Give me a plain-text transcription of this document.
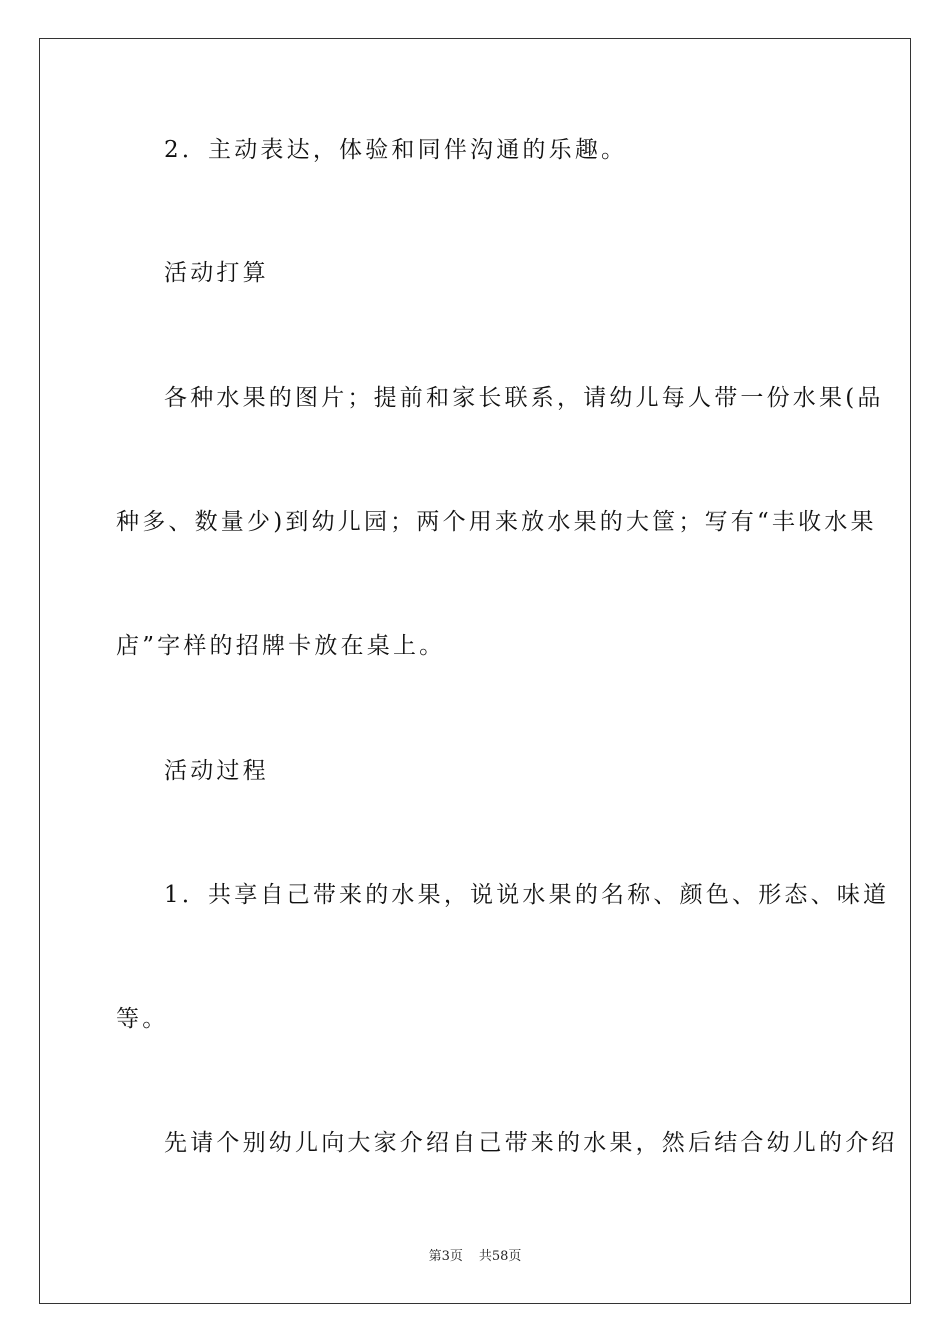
2．主动表达，体验和同伴沟通的乐趣。
活动打算
各种水果的图片；提前和家长联系，请幼儿每人带一份水果(品
种多、数量少)到幼儿园；两个用来放水果的大筐；写有“丰收水果
店”字样的招牌卡放在桌上。
活动过程
1．共享自己带来的水果，说说水果的名称、颜色、形态、味道
等。
先请个别幼儿向大家介绍自己带来的水果，然后结合幼儿的介绍
第3页 共58页
